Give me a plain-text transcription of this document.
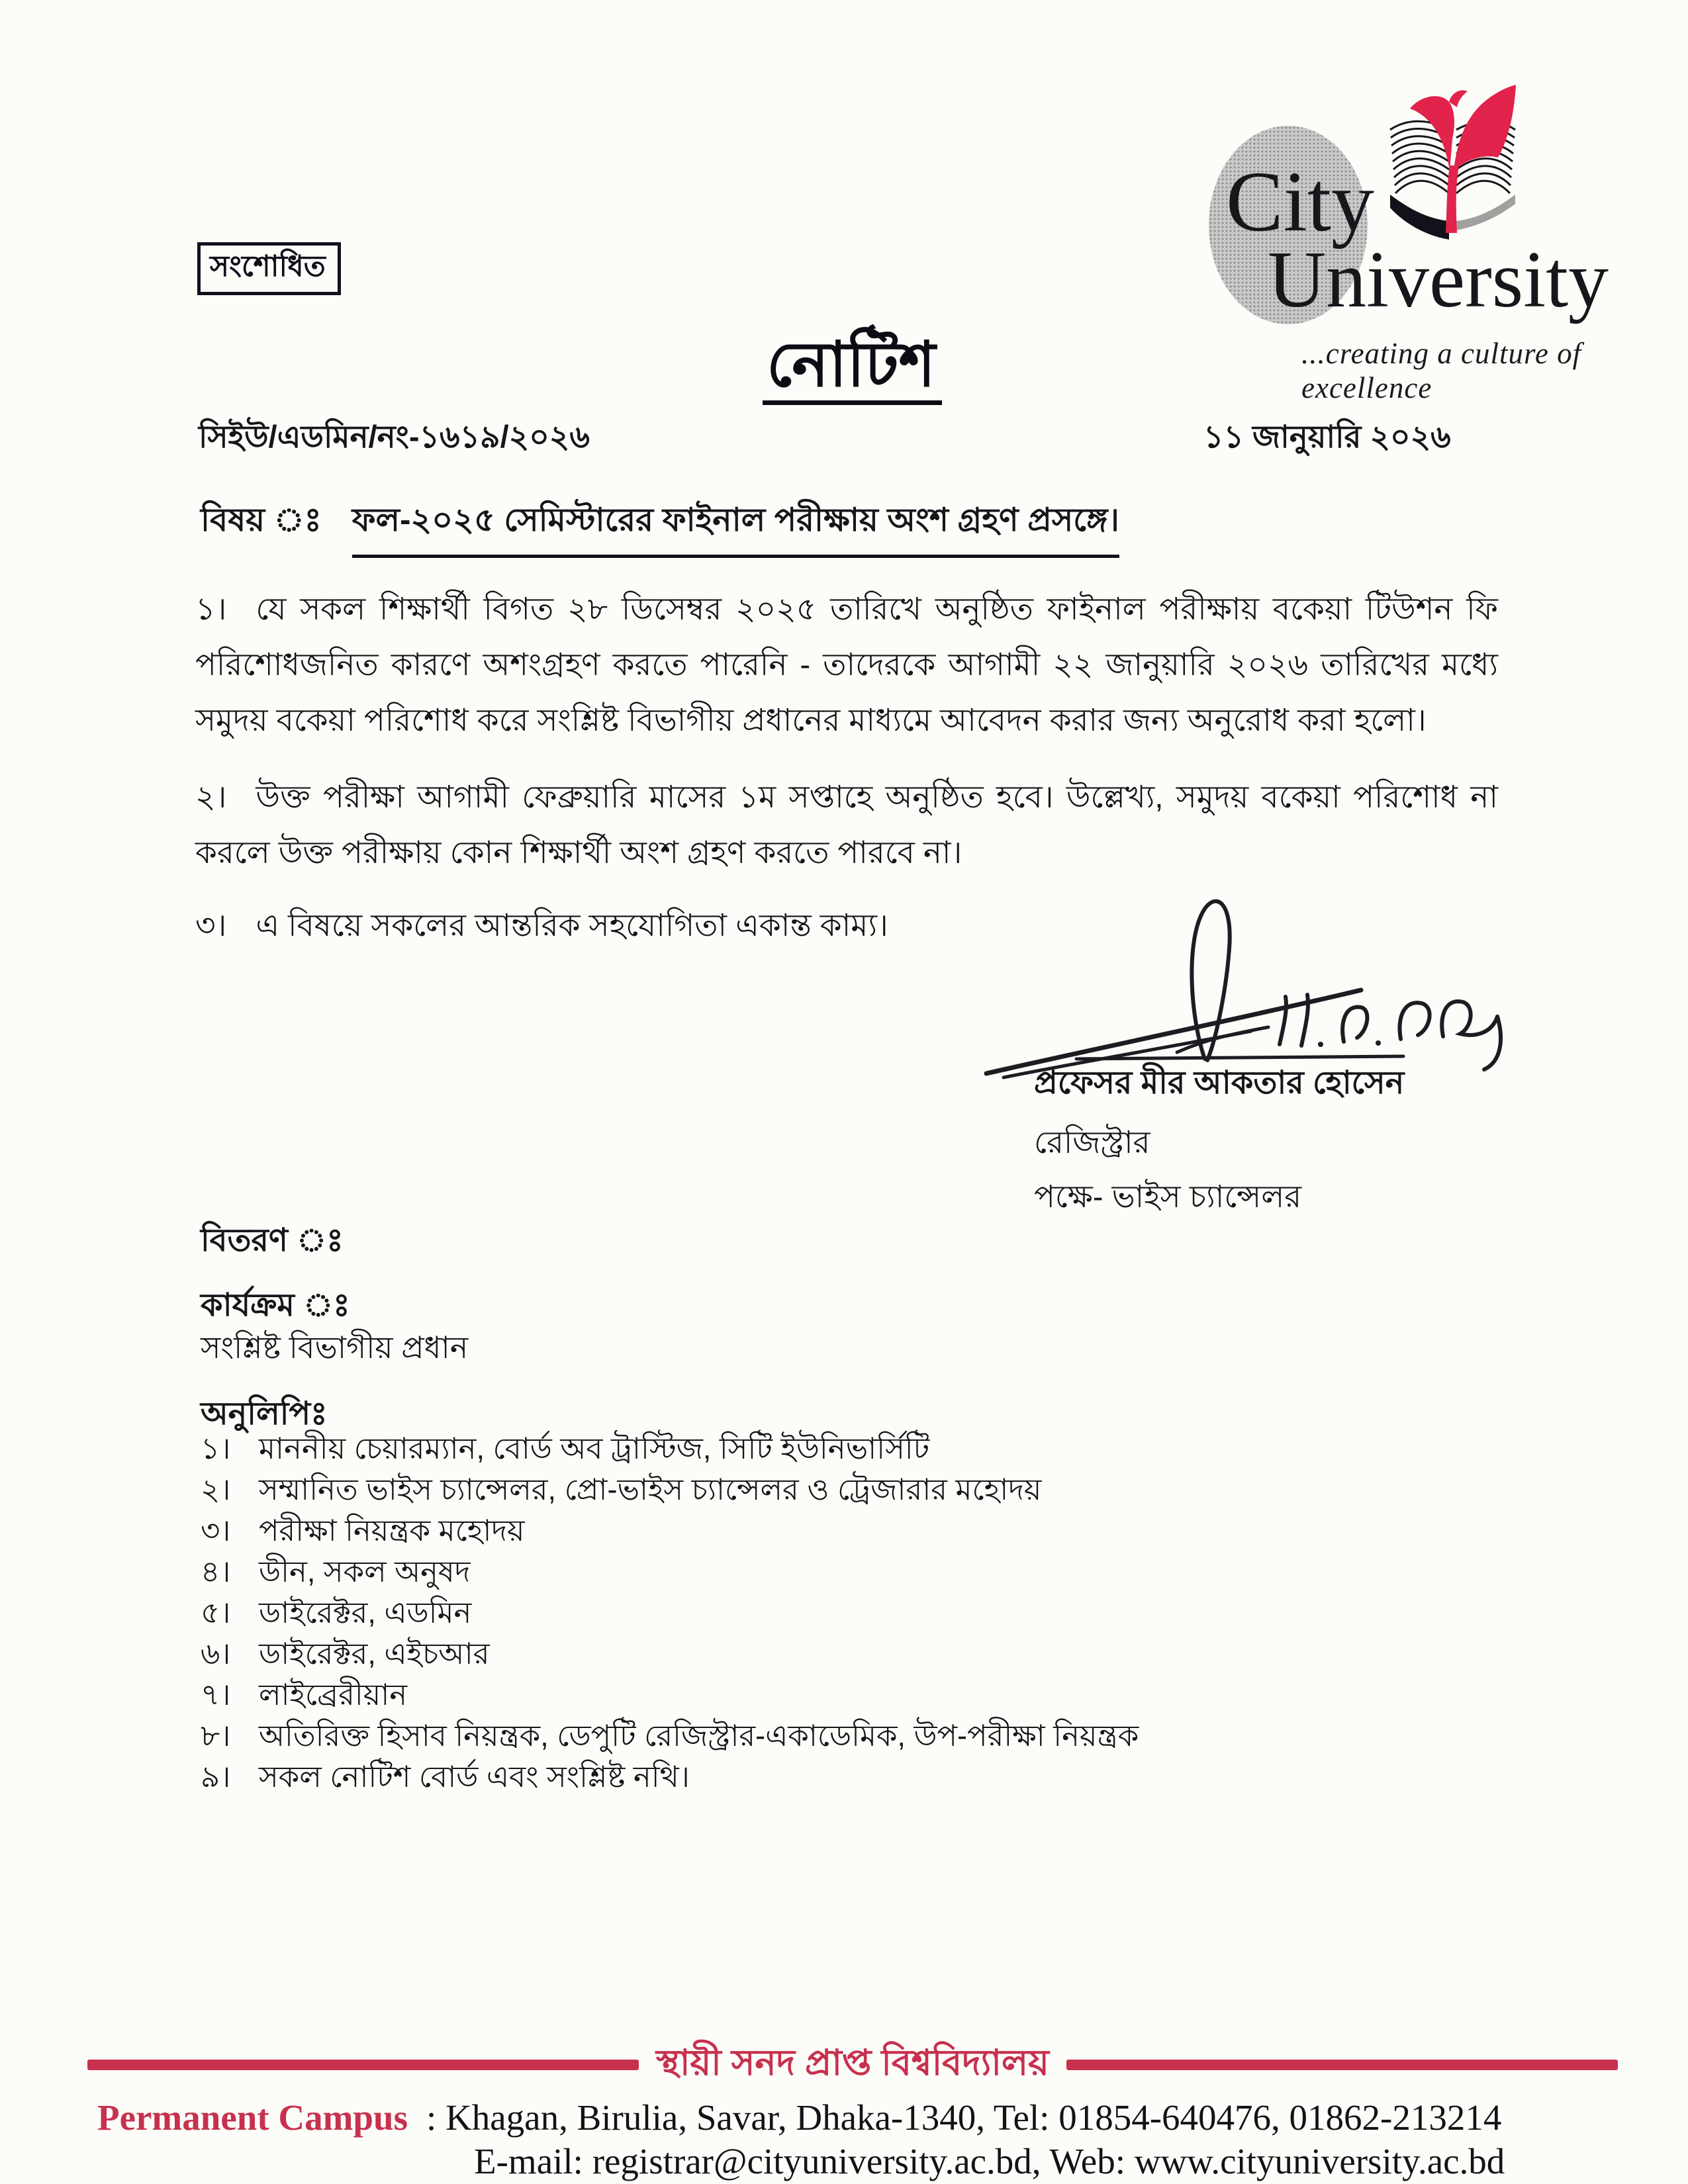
সংশোধিত
City
University
...creating a culture of excellence
নোটিশ
সিইউ/এডমিন/নং-১৬১৯/২০২৬	১১ জানুয়ারি ২০২৬
বিষয় ঃ ফল-২০২৫ সেমিস্টারের ফাইনাল পরীক্ষায় অংশ গ্রহণ প্রসঙ্গে।
১। যে সকল শিক্ষার্থী বিগত ২৮ ডিসেম্বর ২০২৫ তারিখে অনুষ্ঠিত ফাইনাল পরীক্ষায় বকেয়া টিউশন ফি পরিশোধজনিত কারণে অশংগ্রহণ করতে পারেনি - তাদেরকে আগামী ২২ জানুয়ারি ২০২৬ তারিখের মধ্যে সমুদয় বকেয়া পরিশোধ করে সংশ্লিষ্ট বিভাগীয় প্রধানের মাধ্যমে আবেদন করার জন্য অনুরোধ করা হলো।
২। উক্ত পরীক্ষা আগামী ফেব্রুয়ারি মাসের ১ম সপ্তাহে অনুষ্ঠিত হবে। উল্লেখ্য, সমুদয় বকেয়া পরিশোধ না করলে উক্ত পরীক্ষায় কোন শিক্ষার্থী অংশ গ্রহণ করতে পারবে না।
৩। এ বিষয়ে সকলের আন্তরিক সহযোগিতা একান্ত কাম্য।
প্রফেসর মীর আকতার হোসেন
রেজিস্ট্রার
পক্ষে- ভাইস চ্যান্সেলর
বিতরণ ঃ
কার্যক্রম ঃ
সংশ্লিষ্ট বিভাগীয় প্রধান
অনুলিপিঃ
১। মাননীয় চেয়ারম্যান, বোর্ড অব ট্রাস্টিজ, সিটি ইউনিভার্সিটি
২। সম্মানিত ভাইস চ্যান্সেলর, প্রো-ভাইস চ্যান্সেলর ও ট্রেজারার মহোদয়
৩। পরীক্ষা নিয়ন্ত্রক মহোদয়
৪। ডীন, সকল অনুষদ
৫। ডাইরেক্টর, এডমিন
৬। ডাইরেক্টর, এইচআর
৭। লাইব্রেরীয়ান
৮। অতিরিক্ত হিসাব নিয়ন্ত্রক, ডেপুটি রেজিস্ট্রার-একাডেমিক, উপ-পরীক্ষা নিয়ন্ত্রক
৯। সকল নোটিশ বোর্ড এবং সংশ্লিষ্ট নথি।
স্থায়ী সনদ প্রাপ্ত বিশ্ববিদ্যালয়
Permanent Campus : Khagan, Birulia, Savar, Dhaka-1340, Tel: 01854-640476, 01862-213214
E-mail: registrar@cityuniversity.ac.bd, Web: www.cityuniversity.ac.bd
